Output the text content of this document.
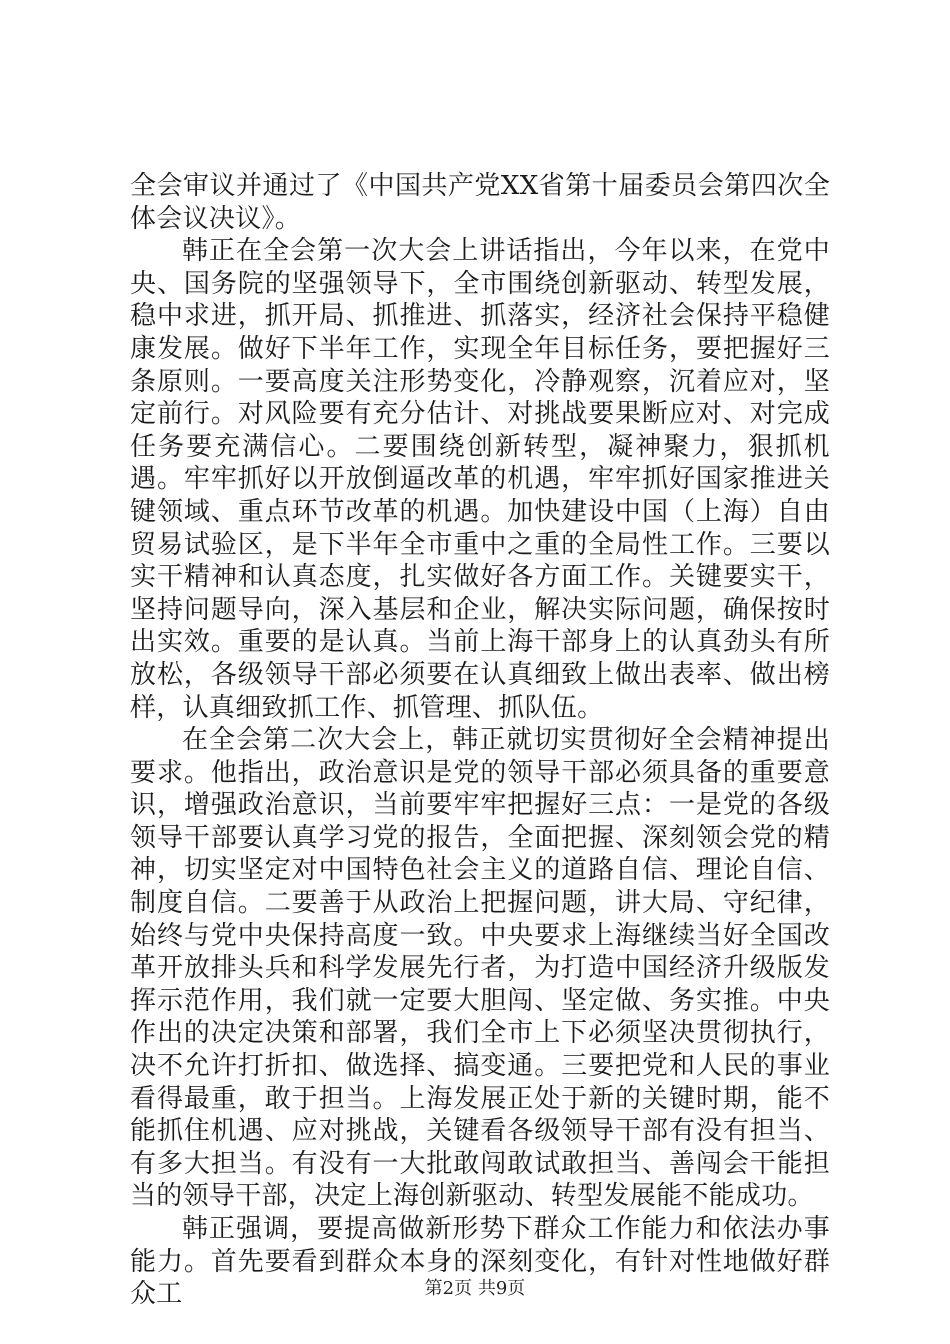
全会审议并通过了《中国共产党XX省第十届委员会第四次全体会议决议》。

韩正在全会第一次大会上讲话指出，今年以来，在党中央、国务院的坚强领导下，全市围绕创新驱动、转型发展，稳中求进，抓开局、抓推进、抓落实，经济社会保持平稳健康发展。做好下半年工作，实现全年目标任务，要把握好三条原则。一要高度关注形势变化，冷静观察，沉着应对，坚定前行。对风险要有充分估计、对挑战要果断应对、对完成任务要充满信心。二要围绕创新转型，凝神聚力，狠抓机遇。牢牢抓好以开放倒逼改革的机遇，牢牢抓好国家推进关键领域、重点环节改革的机遇。加快建设中国（上海）自由贸易试验区，是下半年全市重中之重的全局性工作。三要以实干精神和认真态度，扎实做好各方面工作。关键要实干，坚持问题导向，深入基层和企业，解决实际问题，确保按时出实效。重要的是认真。当前上海干部身上的认真劲头有所放松，各级领导干部必须要在认真细致上做出表率、做出榜样，认真细致抓工作、抓管理、抓队伍。

在全会第二次大会上，韩正就切实贯彻好全会精神提出要求。他指出，政治意识是党的领导干部必须具备的重要意识，增强政治意识，当前要牢牢把握好三点：一是党的各级领导干部要认真学习党的报告，全面把握、深刻领会党的精神，切实坚定对中国特色社会主义的道路自信、理论自信、制度自信。二要善于从政治上把握问题，讲大局、守纪律，始终与党中央保持高度一致。中央要求上海继续当好全国改革开放排头兵和科学发展先行者，为打造中国经济升级版发挥示范作用，我们就一定要大胆闯、坚定做、务实推。中央作出的决定决策和部署，我们全市上下必须坚决贯彻执行，决不允许打折扣、做选择、搞变通。三要把党和人民的事业看得最重，敢于担当。上海发展正处于新的关键时期，能不能抓住机遇、应对挑战，关键看各级领导干部有没有担当、有多大担当。有没有一大批敢闯敢试敢担当、善闯会干能担当的领导干部，决定上海创新驱动、转型发展能不能成功。

韩正强调，要提高做新形势下群众工作能力和依法办事能力。首先要看到群众本身的深刻变化，有针对性地做好群众工	第2页 共9页
